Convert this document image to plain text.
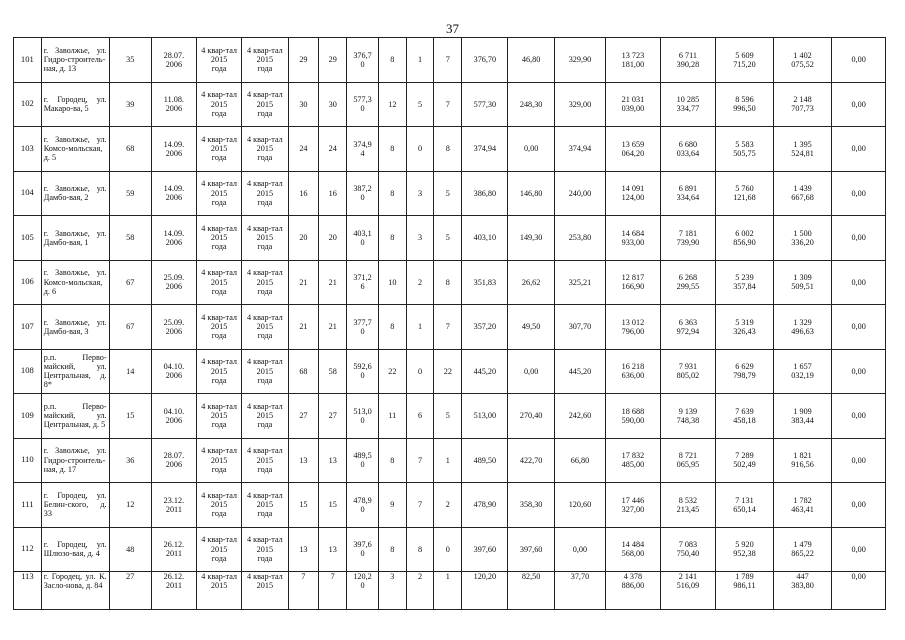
37
101	г. Заволжье, ул. Гидро-строитель-ная, д. 13	35	28.07.
2006	4 квар-тал
2015
года	4 квар-тал
2015
года	29	29	376,7
0	8	1	7	376,70	46,80	329,90	13 723
181,00	6 711
390,28	5 609
715,20	1 402
075,52	0,00
102	г. Городец, ул. Макаро-ва, 5	39	11.08.
2006	4 квар-тал
2015
года	4 квар-тал
2015
года	30	30	577,3
0	12	5	7	577,30	248,30	329,00	21 031
039,00	10 285
334,77	8 596
996,50	2 148
707,73	0,00
103	г. Заволжье, ул. Комсо-мольская, д. 5	68	14.09.
2006	4 квар-тал
2015
года	4 квар-тал
2015
года	24	24	374,9
4	8	0	8	374,94	0,00	374,94	13 659
064,20	6 680
033,64	5 583
505,75	1 395
524,81	0,00
104	г. Заволжье, ул. Дамбо-вая, 2	59	14.09.
2006	4 квар-тал
2015
года	4 квар-тал
2015
года	16	16	387,2
0	8	3	5	386,80	146,80	240,00	14 091
124,00	6 891
334,64	5 760
121,68	1 439
667,68	0,00
105	г. Заволжье, ул. Дамбо-вая, 1	58	14.09.
2006	4 квар-тал
2015
года	4 квар-тал
2015
года	20	20	403,1
0	8	3	5	403,10	149,30	253,80	14 684
933,00	7 181
739,90	6 002
856,90	1 500
336,20	0,00
106	г. Заволжье, ул. Комсо-мольская, д. 6	67	25.09.
2006	4 квар-тал
2015
года	4 квар-тал
2015
года	21	21	371,2
6	10	2	8	351,83	26,62	325,21	12 817
166,90	6 268
299,55	5 239
357,84	1 309
509,51	0,00
107	г. Заволжье, ул. Дамбо-вая, 3	67	25.09.
2006	4 квар-тал
2015
года	4 квар-тал
2015
года	21	21	377,7
0	8	1	7	357,20	49,50	307,70	13 012
796,00	6 363
972,94	5 319
326,43	1 329
496,63	0,00
108	р.п. Перво-майский, ул. Центральная, д. 8*	14	04.10.
2006	4 квар-тал
2015
года	4 квар-тал
2015
года	68	58	592,6
0	22	0	22	445,20	0,00	445,20	16 218
636,00	7 931
805,02	6 629
798,79	1 657
032,19	0,00
109	р.п. Перво-майский, ул. Центральная, д. 5	15	04.10.
2006	4 квар-тал
2015
года	4 квар-тал
2015
года	27	27	513,0
0	11	6	5	513,00	270,40	242,60	18 688
590,00	9 139
748,38	7 639
458,18	1 909
383,44	0,00
110	г. Заволжье, ул. Гидро-строитель-ная, д. 17	36	28.07.
2006	4 квар-тал
2015
года	4 квар-тал
2015
года	13	13	489,5
0	8	7	1	489,50	422,70	66,80	17 832
485,00	8 721
065,95	7 289
502,49	1 821
916,56	0,00
111	г. Городец, ул. Белин-ского, д. 33	12	23.12.
2011	4 квар-тал
2015
года	4 квар-тал
2015
года	15	15	478,9
0	9	7	2	478,90	358,30	120,60	17 446
327,00	8 532
213,45	7 131
650,14	1 782
463,41	0,00
112	г. Городец, ул. Шлюзо-вая, д. 4	48	26.12.
2011	4 квар-тал
2015
года	4 квар-тал
2015
года	13	13	397,6
0	8	8	0	397,60	397,60	0,00	14 484
568,00	7 083
750,40	5 920
952,38	1 479
865,22	0,00
113	г. Городец, ул. К. Засло-нова, д. 84	27	26.12.
2011	4 квар-тал
2015	4 квар-тал
2015	7	7	120,2
0	3	2	1	120,20	82,50	37,70	4 378
886,00	2 141
516,09	1 789
986,11	447
383,80	0,00
